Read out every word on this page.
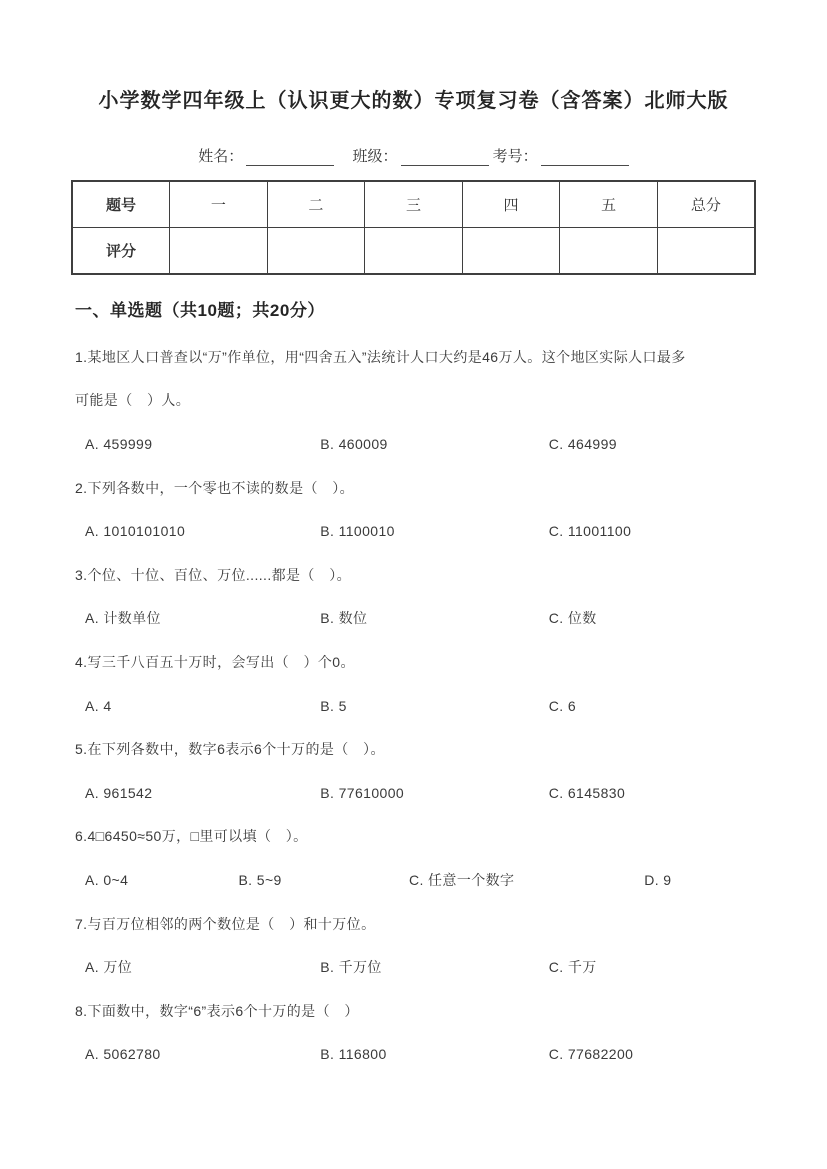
小学数学四年级上（认识更大的数）专项复习卷（含答案）北师大版
姓名：	班级：	考号：
题号	一	二	三	四	五	总分
评分						
一、单选题（共10题；共20分）
1.某地区人口普查以“万”作单位，用“四舍五入”法统计人口大约是46万人。这个地区实际人口最多
可能是（　）人。
A. 459999	B. 460009	C. 464999
2.下列各数中，一个零也不读的数是（　）。
A. 1010101010	B. 1100010	C. 11001100
3.个位、十位、百位、万位......都是（　）。
A. 计数单位	B. 数位	C. 位数
4.写三千八百五十万时，会写出（　）个0。
A. 4	B. 5	C. 6
5.在下列各数中，数字6表示6个十万的是（　）。
A. 961542	B. 77610000	C. 6145830
6.4□6450≈50万，□里可以填（　）。
A. 0~4	B. 5~9	C. 任意一个数字	D. 9
7.与百万位相邻的两个数位是（　）和十万位。
A. 万位	B. 千万位	C. 千万
8.下面数中，数字“6”表示6个十万的是（　）
A. 5062780	B. 116800	C. 77682200
